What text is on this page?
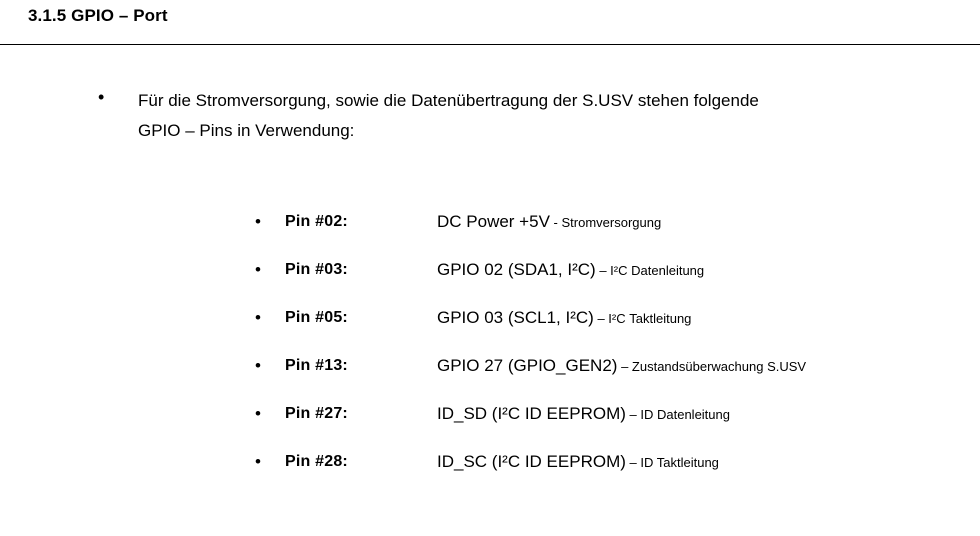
3.1.5 GPIO – Port
• Für die Stromversorgung, sowie die Datenübertragung der S.USV stehen folgende
GPIO – Pins in Verwendung:
• Pin #02:	DC Power +5V - Stromversorgung
• Pin #03:	GPIO 02 (SDA1, I²C) – I²C Datenleitung
• Pin #05:	GPIO 03 (SCL1, I²C) – I²C Taktleitung
• Pin #13:	GPIO 27 (GPIO_GEN2) – Zustandsüberwachung S.USV
• Pin #27:	ID_SD (I²C ID EEPROM) – ID Datenleitung
• Pin #28:	ID_SC (I²C ID EEPROM) – ID Taktleitung
